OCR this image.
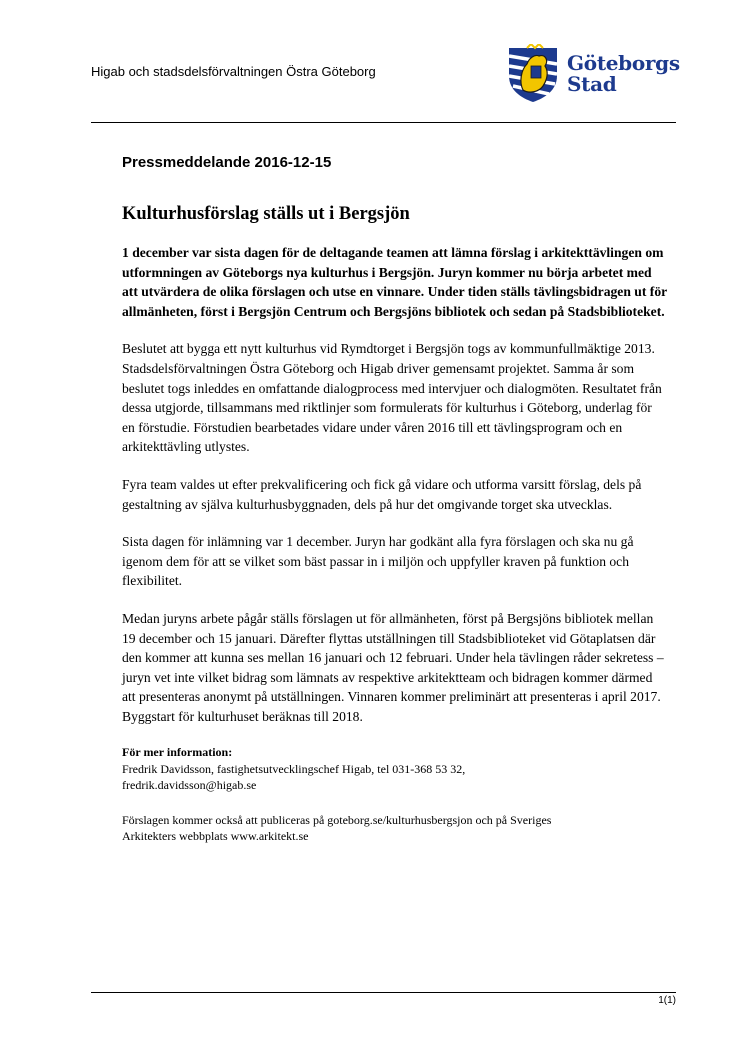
Higab och stadsdelsförvaltningen Östra Göteborg	Göteborgs
Stad
Pressmeddelande 2016-12-15
Kulturhusförslag ställs ut i Bergsjön

1 december var sista dagen för de deltagande teamen att lämna förslag i arkitekttävlingen om utformningen av Göteborgs nya kulturhus i Bergsjön. Juryn kommer nu börja arbetet med att utvärdera de olika förslagen och utse en vinnare. Under tiden ställs tävlingsbidragen ut för allmänheten, först i Bergsjön Centrum och Bergsjöns bibliotek och sedan på Stadsbiblioteket.

Beslutet att bygga ett nytt kulturhus vid Rymdtorget i Bergsjön togs av kommunfullmäktige 2013. Stadsdelsförvaltningen Östra Göteborg och Higab driver gemensamt projektet. Samma år som beslutet togs inleddes en omfattande dialogprocess med intervjuer och dialogmöten. Resultatet från dessa utgjorde, tillsammans med riktlinjer som formulerats för kulturhus i Göteborg, underlag för en förstudie. Förstudien bearbetades vidare under våren 2016 till ett tävlingsprogram och en arkitekttävling utlystes.

Fyra team valdes ut efter prekvalificering och fick gå vidare och utforma varsitt förslag, dels på gestaltning av själva kulturhusbyggnaden, dels på hur det omgivande torget ska utvecklas.

Sista dagen för inlämning var 1 december. Juryn har godkänt alla fyra förslagen och ska nu gå igenom dem för att se vilket som bäst passar in i miljön och uppfyller kraven på funktion och flexibilitet.

Medan juryns arbete pågår ställs förslagen ut för allmänheten, först på Bergsjöns bibliotek mellan 19 december och 15 januari. Därefter flyttas utställningen till Stadsbiblioteket vid Götaplatsen där den kommer att kunna ses mellan 16 januari och 12 februari. Under hela tävlingen råder sekretess – juryn vet inte vilket bidrag som lämnats av respektive arkitektteam och bidragen kommer därmed att presenteras anonymt på utställningen. Vinnaren kommer preliminärt att presenteras i april 2017. Byggstart för kulturhuset beräknas till 2018.

För mer information:
Fredrik Davidsson, fastighetsutvecklingschef Higab, tel 031-368 53 32,
fredrik.davidsson@higab.se
Förslagen kommer också att publiceras på goteborg.se/kulturhusbergsjon och på Sveriges
Arkitekters webbplats www.arkitekt.se
1(1)
